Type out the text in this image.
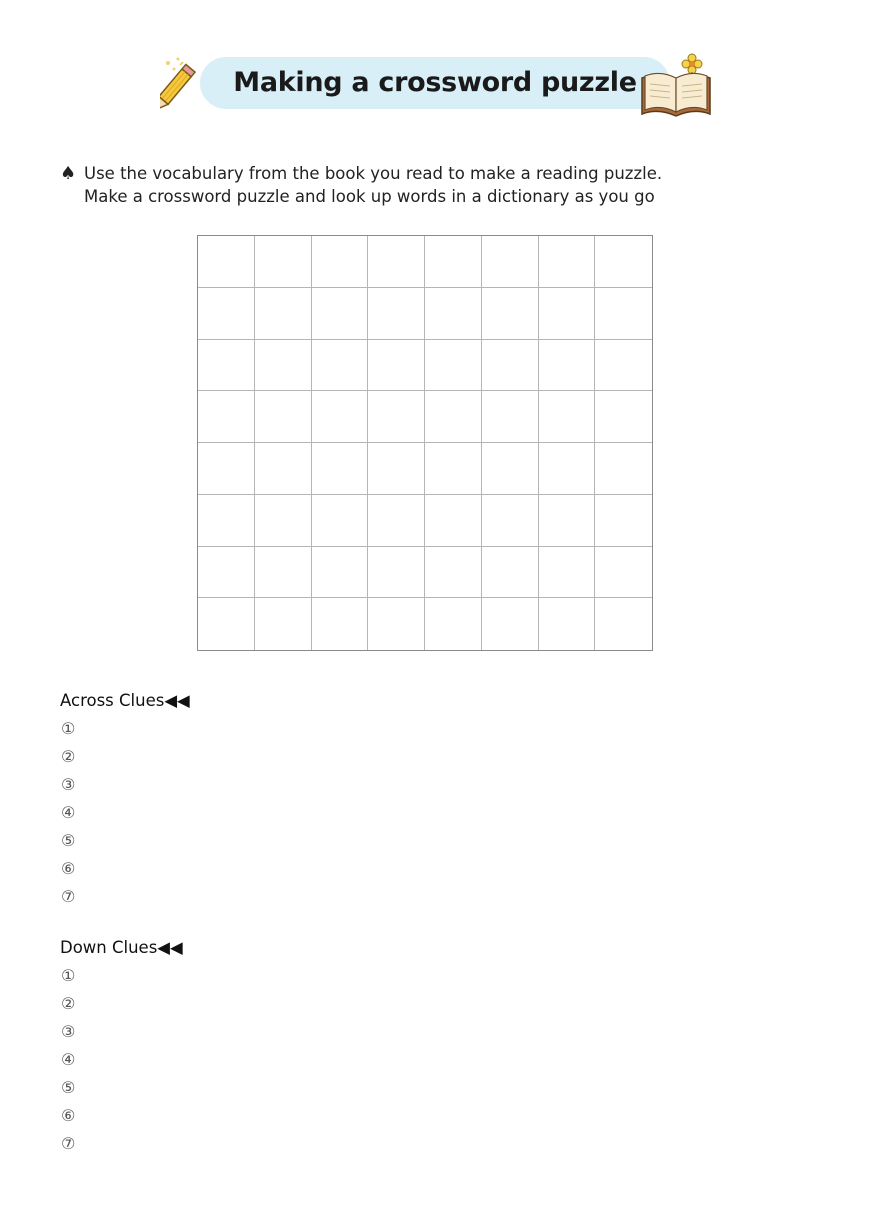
Making a crossword puzzle
♠ Use the vocabulary from the book you read to make a reading puzzle.
Make a crossword puzzle and look up words in a dictionary as you go
Across Clues◀◀
①
②
③
④
⑤
⑥
⑦
Down Clues◀◀
①
②
③
④
⑤
⑥
⑦
